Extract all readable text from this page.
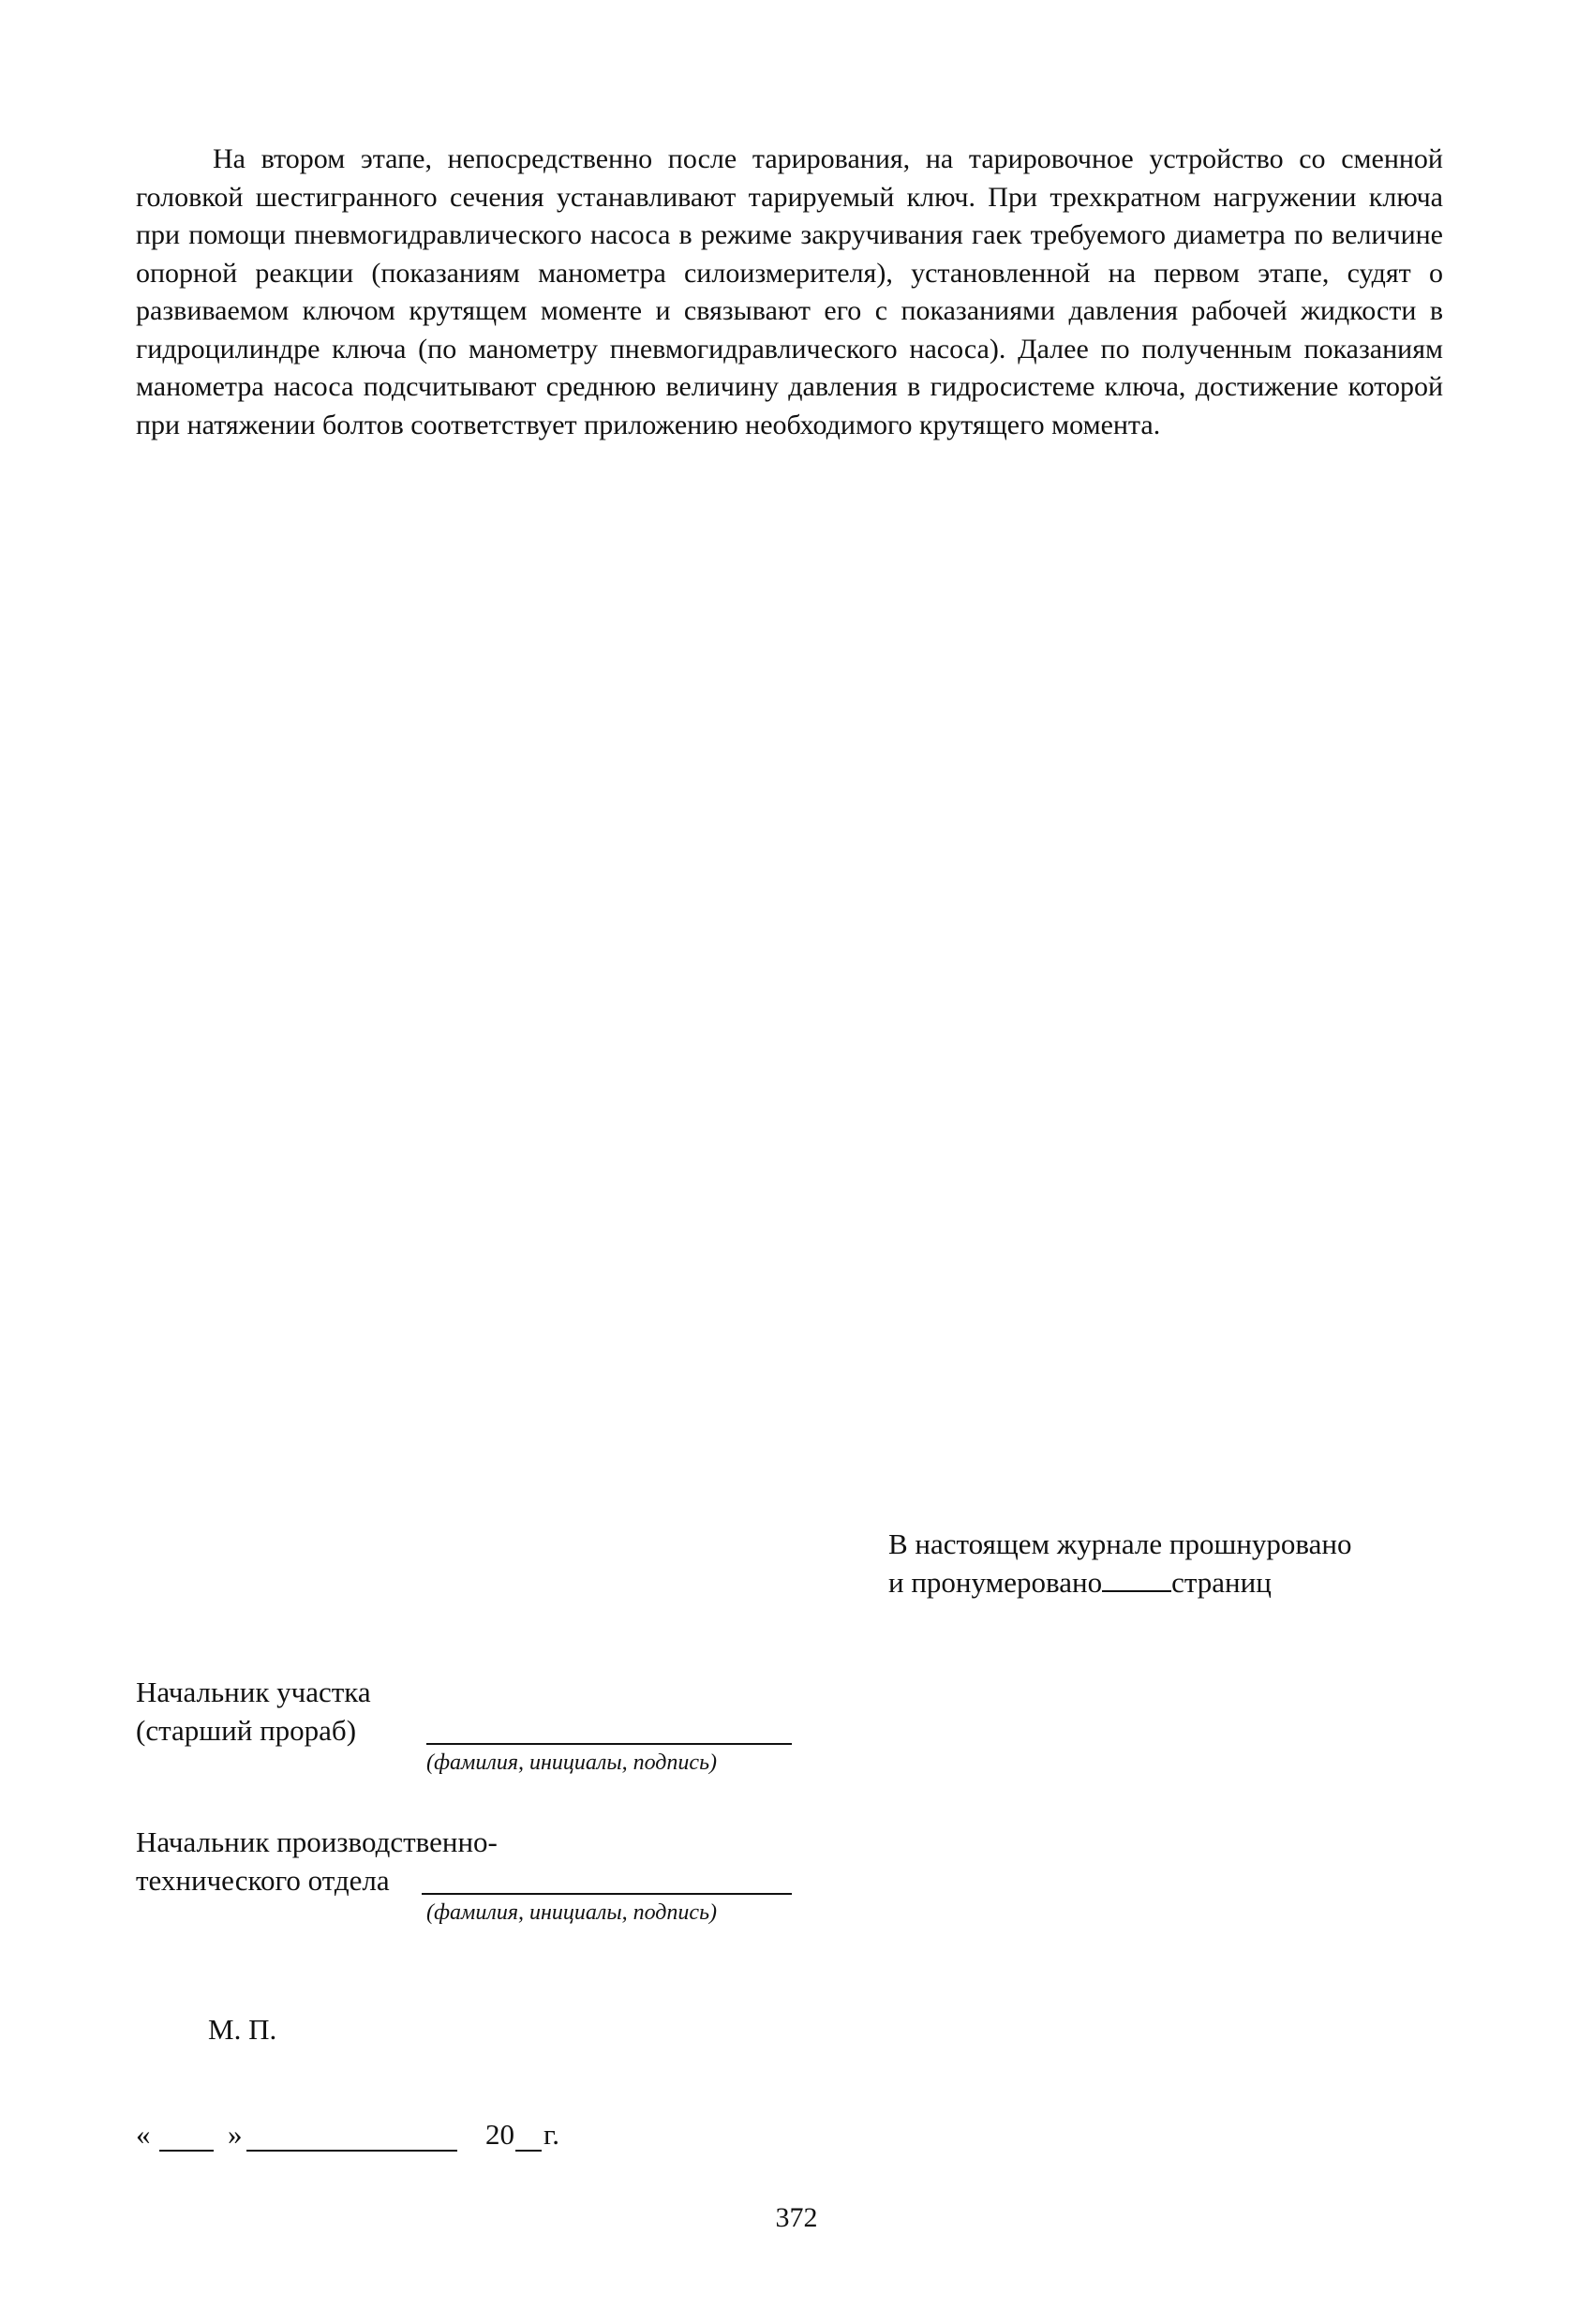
На втором этапе, непосредственно после тарирования, на тарировочное устройство со сменной головкой шестигранного сечения устанавливают тарируемый ключ. При трехкратном нагружении ключа при помощи пневмогидравлического насоса в режиме закручивания гаек требуемого диаметра по величине опорной реакции (показаниям манометра силоизмерителя), установленной на первом этапе, судят о развиваемом ключом крутящем моменте и связывают его с показаниями давления рабочей жидкости в гидроцилиндре ключа (по манометру пневмогидравлического насоса). Далее по полученным показаниям манометра насоса подсчитывают среднюю величину давления в гидросистеме ключа, достижение которой при натяжении болтов соответствует приложению необходимого крутящего момента.

В настоящем журнале прошнуровано
и пронумеровано страниц
Начальник участка
(старший прораб)
(фамилия, инициалы, подпись)
Начальник производственно-
технического отдела
(фамилия, инициалы, подпись)
М. П.
«	»	20 г.
372
